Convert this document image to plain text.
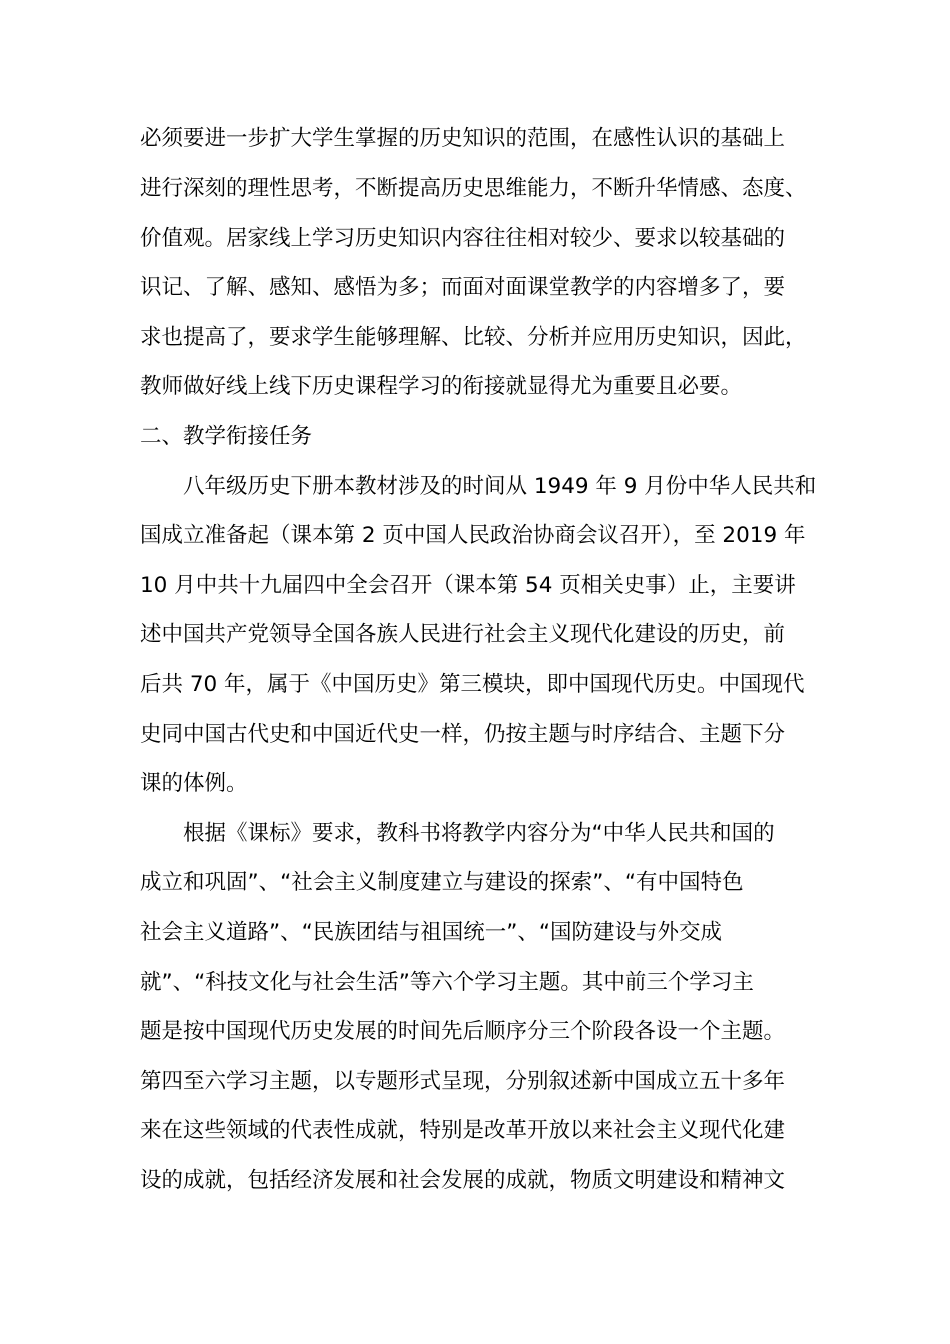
必须要进一步扩大学生掌握的历史知识的范围，在感性认识的基础上
进行深刻的理性思考，不断提高历史思维能力，不断升华情感、态度、
价值观。居家线上学习历史知识内容往往相对较少、要求以较基础的
识记、了解、感知、感悟为多；而面对面课堂教学的内容增多了，要
求也提高了，要求学生能够理解、比较、分析并应用历史知识，因此，
教师做好线上线下历史课程学习的衔接就显得尤为重要且必要。
二、教学衔接任务
八年级历史下册本教材涉及的时间从 1949 年 9 月份中华人民共和
国成立准备起（课本第 2 页中国人民政治协商会议召开），至 2019 年
10 月中共十九届四中全会召开（课本第 54 页相关史事）止，主要讲
述中国共产党领导全国各族人民进行社会主义现代化建设的历史，前
后共 70 年，属于《中国历史》第三模块，即中国现代历史。中国现代
史同中国古代史和中国近代史一样，仍按主题与时序结合、主题下分
课的体例。
根据《课标》要求，教科书将教学内容分为“中华人民共和国的
成立和巩固”、“社会主义制度建立与建设的探索”、“有中国特色
社会主义道路”、“民族团结与祖国统一”、“国防建设与外交成
就”、“科技文化与社会生活”等六个学习主题。其中前三个学习主
题是按中国现代历史发展的时间先后顺序分三个阶段各设一个主题。
第四至六学习主题，以专题形式呈现，分别叙述新中国成立五十多年
来在这些领域的代表性成就，特别是改革开放以来社会主义现代化建
设的成就，包括经济发展和社会发展的成就，物质文明建设和精神文
